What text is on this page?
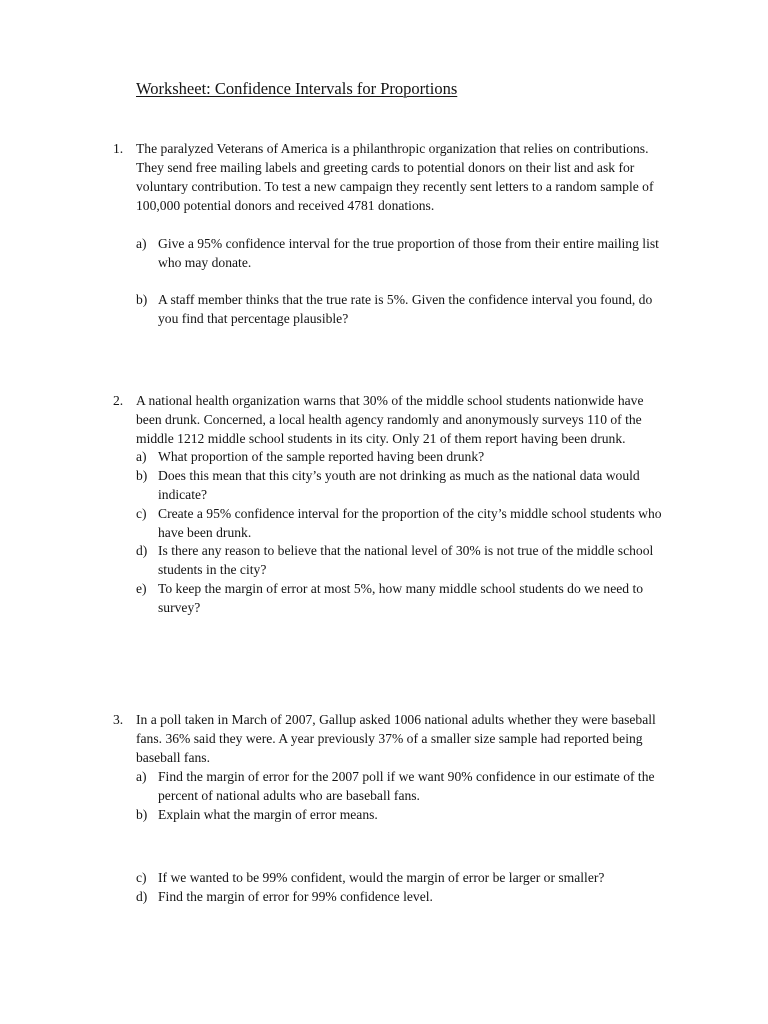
Worksheet: Confidence Intervals for Proportions
1. The paralyzed Veterans of America is a philanthropic organization that relies on contributions.
They send free mailing labels and greeting cards to potential donors on their list and ask for
voluntary contribution. To test a new campaign they recently sent letters to a random sample of
100,000 potential donors and received 4781 donations.
a) Give a 95% confidence interval for the true proportion of those from their entire mailing list
who may donate.
b) A staff member thinks that the true rate is 5%. Given the confidence interval you found, do
you find that percentage plausible?
2. A national health organization warns that 30% of the middle school students nationwide have
been drunk. Concerned, a local health agency randomly and anonymously surveys 110 of the
middle 1212 middle school students in its city. Only 21 of them report having been drunk.
a) What proportion of the sample reported having been drunk?
b) Does this mean that this city’s youth are not drinking as much as the national data would
indicate?
c) Create a 95% confidence interval for the proportion of the city’s middle school students who
have been drunk.
d) Is there any reason to believe that the national level of 30% is not true of the middle school
students in the city?
e) To keep the margin of error at most 5%, how many middle school students do we need to
survey?
3. In a poll taken in March of 2007, Gallup asked 1006 national adults whether they were baseball
fans. 36% said they were. A year previously 37% of a smaller size sample had reported being
baseball fans.
a) Find the margin of error for the 2007 poll if we want 90% confidence in our estimate of the
percent of national adults who are baseball fans.
b) Explain what the margin of error means.
c) If we wanted to be 99% confident, would the margin of error be larger or smaller?
d) Find the margin of error for 99% confidence level.
